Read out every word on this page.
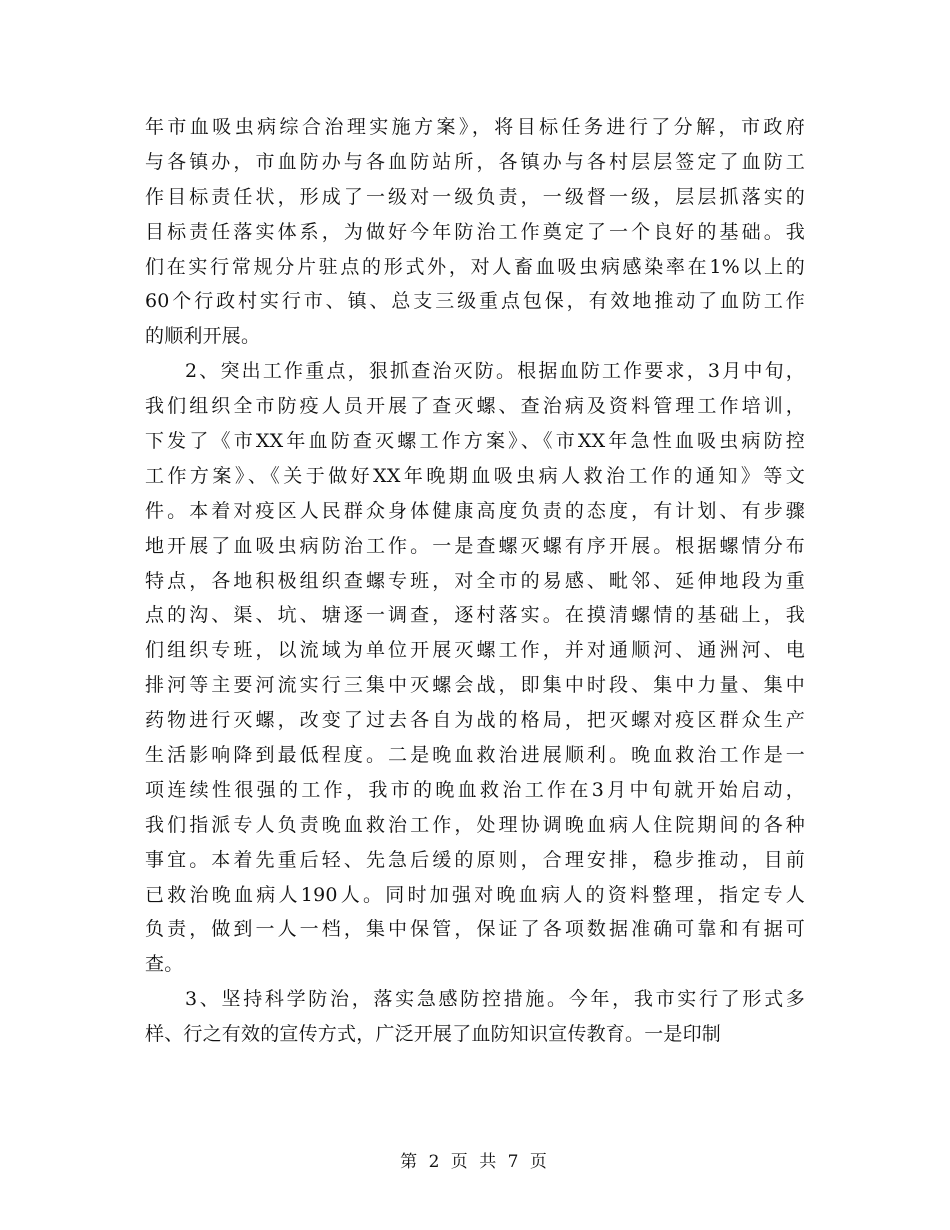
年市血吸虫病综合治理实施方案》，将目标任务进行了分解，市政府
与各镇办，市血防办与各血防站所，各镇办与各村层层签定了血防工
作目标责任状，形成了一级对一级负责，一级督一级，层层抓落实的
目标责任落实体系，为做好今年防治工作奠定了一个良好的基础。我
们在实行常规分片驻点的形式外，对人畜血吸虫病感染率在1%以上的
60个行政村实行市、镇、总支三级重点包保，有效地推动了血防工作
的顺利开展。
2、突出工作重点，狠抓查治灭防。根据血防工作要求，3月中旬，
我们组织全市防疫人员开展了查灭螺、查治病及资料管理工作培训，
下发了《市XX年血防查灭螺工作方案》、《市XX年急性血吸虫病防控
工作方案》、《关于做好XX年晚期血吸虫病人救治工作的通知》等文
件。本着对疫区人民群众身体健康高度负责的态度，有计划、有步骤
地开展了血吸虫病防治工作。一是查螺灭螺有序开展。根据螺情分布
特点，各地积极组织查螺专班，对全市的易感、毗邻、延伸地段为重
点的沟、渠、坑、塘逐一调查，逐村落实。在摸清螺情的基础上，我
们组织专班，以流域为单位开展灭螺工作，并对通顺河、通洲河、电
排河等主要河流实行三集中灭螺会战，即集中时段、集中力量、集中
药物进行灭螺，改变了过去各自为战的格局，把灭螺对疫区群众生产
生活影响降到最低程度。二是晚血救治进展顺利。晚血救治工作是一
项连续性很强的工作，我市的晚血救治工作在3月中旬就开始启动，
我们指派专人负责晚血救治工作，处理协调晚血病人住院期间的各种
事宜。本着先重后轻、先急后缓的原则，合理安排，稳步推动，目前
已救治晚血病人190人。同时加强对晚血病人的资料整理，指定专人
负责，做到一人一档，集中保管，保证了各项数据准确可靠和有据可
查。
3、坚持科学防治，落实急感防控措施。今年，我市实行了形式多
样、行之有效的宣传方式，广泛开展了血防知识宣传教育。一是印制
第 2 页 共 7 页
